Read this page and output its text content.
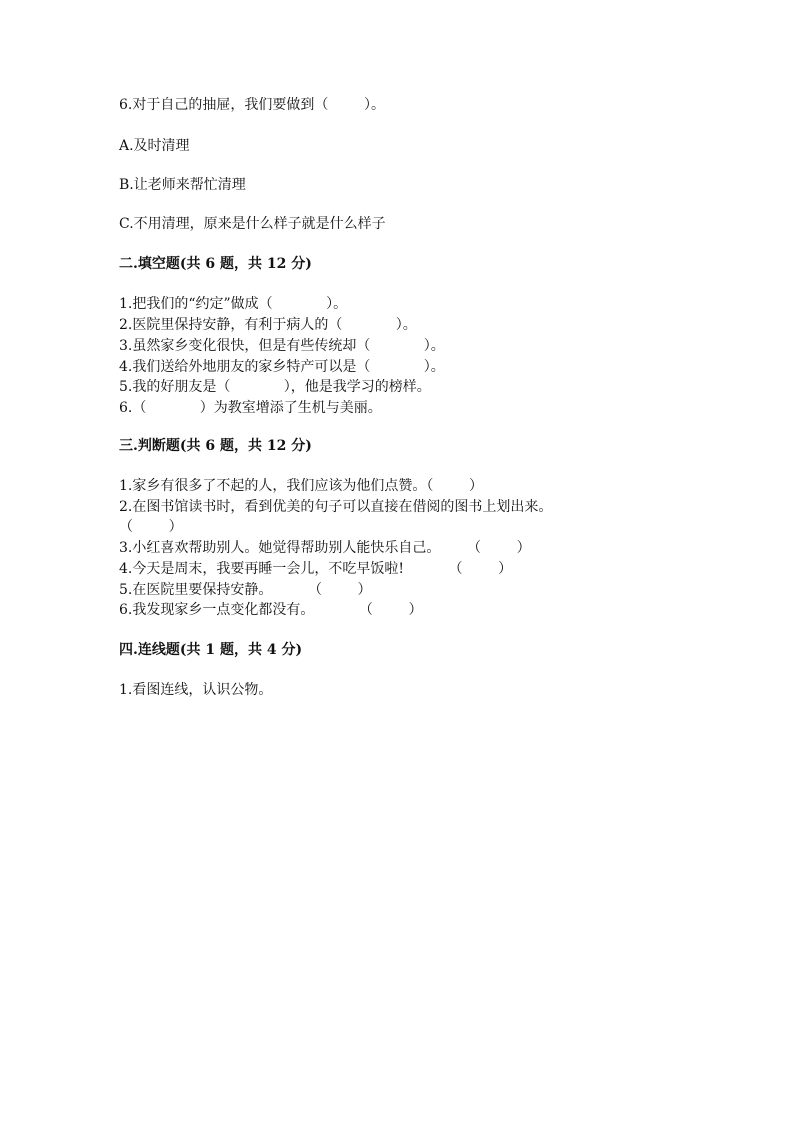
6.对于自己的抽屉，我们要做到（        ）。
A.及时清理
B.让老师来帮忙清理
C.不用清理，原来是什么样子就是什么样子
二.填空题(共 6 题，共 12 分)
1.把我们的“约定”做成（            ）。
2.医院里保持安静，有利于病人的（            ）。
3.虽然家乡变化很快，但是有些传统却（            ）。
4.我们送给外地朋友的家乡特产可以是（            ）。
5.我的好朋友是（            ），他是我学习的榜样。
6.（            ）为教室增添了生机与美丽。
三.判断题(共 6 题，共 12 分)
1.家乡有很多了不起的人，我们应该为他们点赞。（        ）
2.在图书馆读书时，看到优美的句子可以直接在借阅的图书上划出来。
（        ）
3.小红喜欢帮助别人。她觉得帮助别人能快乐自己。      （        ）
4.今天是周末，我要再睡一会儿，不吃早饭啦!          （        ）
5.在医院里要保持安静。        （        ）
6.我发现家乡一点变化都没有。          （        ）
四.连线题(共 1 题，共 4 分)
1.看图连线，认识公物。
